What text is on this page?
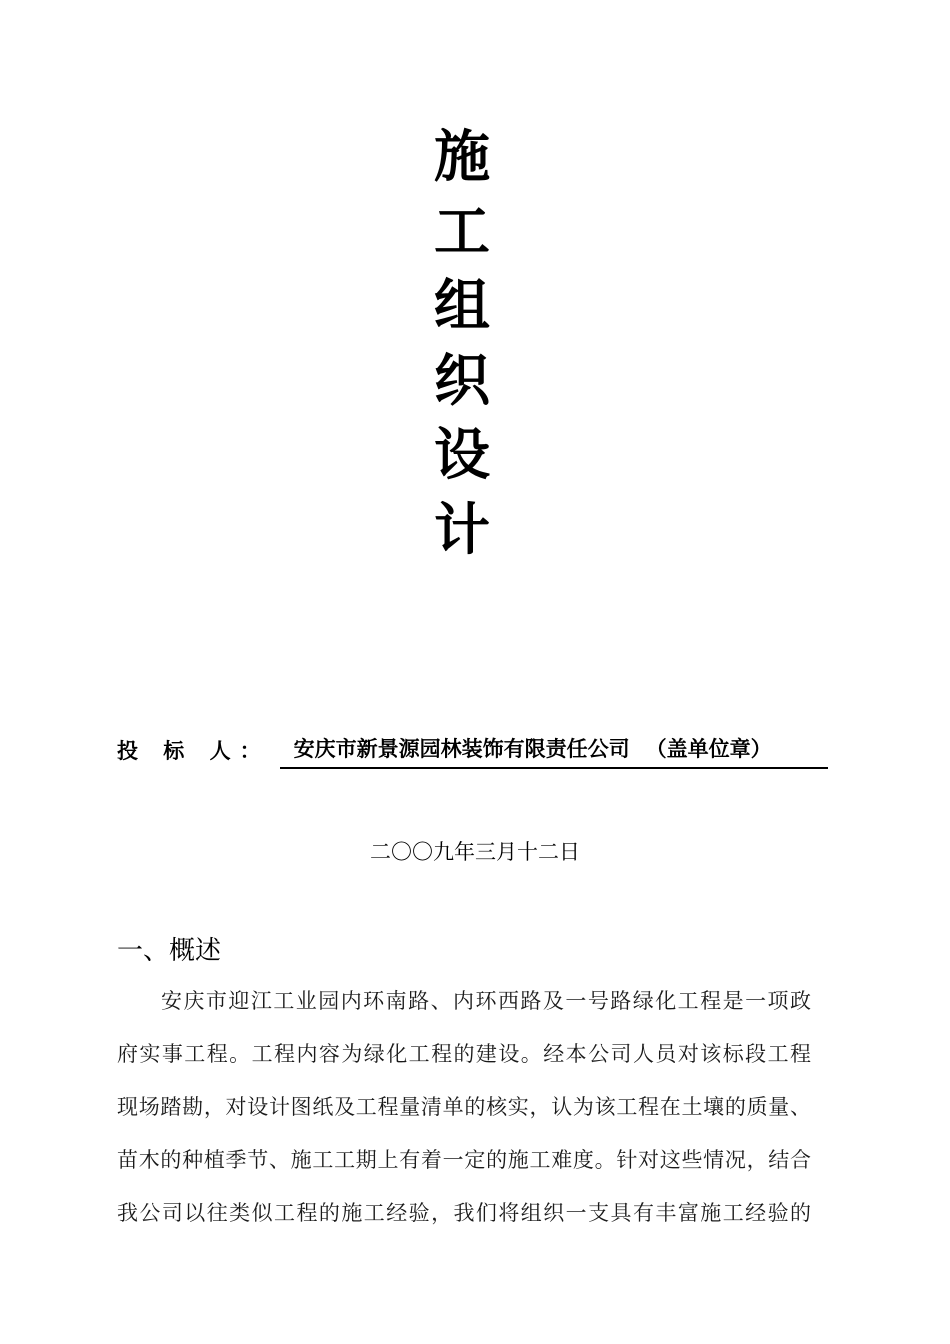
施
工
组
织
设
计
投 标 人：	安庆市新景源园林装饰有限责任公司 （盖单位章）
二〇〇九年三月十二日
一、概述
安庆市迎江工业园内环南路、内环西路及一号路绿化工程是一项政
府实事工程。工程内容为绿化工程的建设。经本公司人员对该标段工程
现场踏勘，对设计图纸及工程量清单的核实，认为该工程在土壤的质量、
苗木的种植季节、施工工期上有着一定的施工难度。针对这些情况，结合
我公司以往类似工程的施工经验，我们将组织一支具有丰富施工经验的
